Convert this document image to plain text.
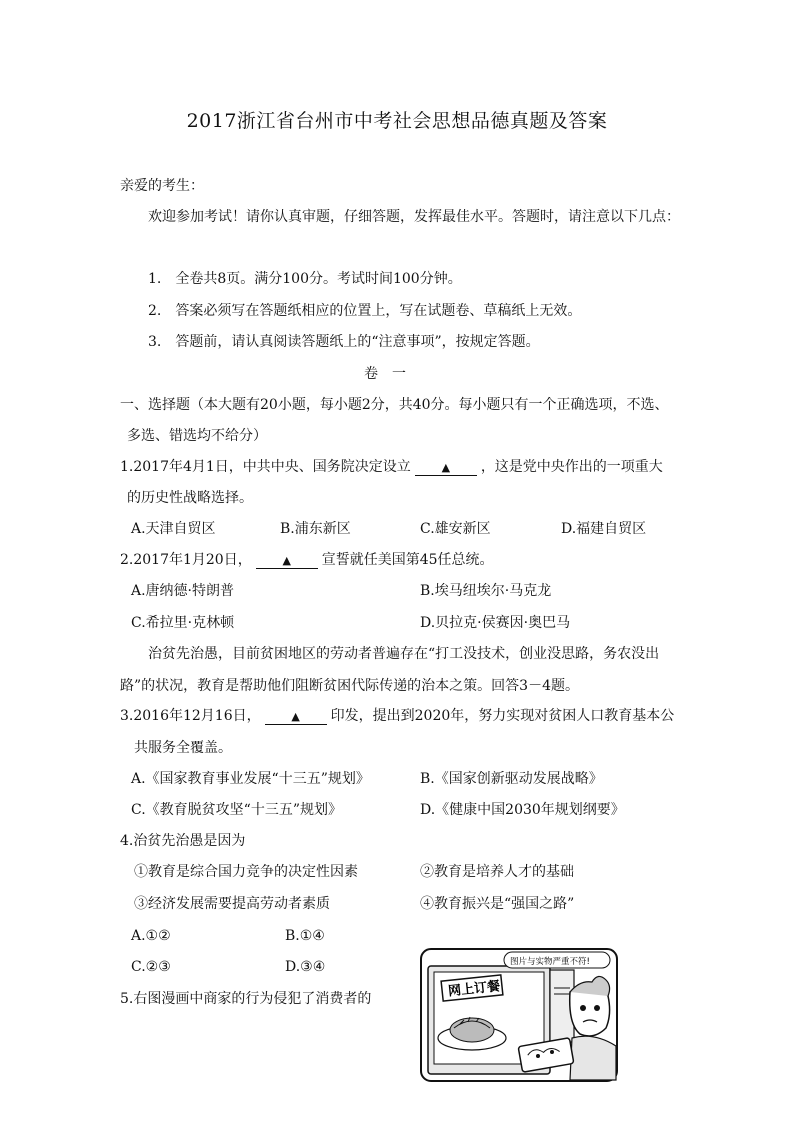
2017浙江省台州市中考社会思想品德真题及答案
亲爱的考生：
欢迎参加考试！请你认真审题，仔细答题，发挥最佳水平。答题时，请注意以下几点：
1.　全卷共8页。满分100分。考试时间100分钟。
2.　答案必须写在答题纸相应的位置上，写在试题卷、草稿纸上无效。
3.　答题前，请认真阅读答题纸上的“注意事项”，按规定答题。
卷　一
一、选择题（本大题有20小题，每小题2分，共40分。每小题只有一个正确选项，不选、
多选、错选均不给分）
1.2017年4月1日，中共中央、国务院决定设立	▲ ，这是党中央作出的一项重大
的历史性战略选择。
A.天津自贸区	B.浦东新区	C.雄安新区	D.福建自贸区
2.2017年1月20日，	▲ 宣誓就任美国第45任总统。
A.唐纳德·特朗普	B.埃马纽埃尔·马克龙
C.希拉里·克林顿	D.贝拉克·侯赛因·奥巴马
治贫先治愚，目前贫困地区的劳动者普遍存在“打工没技术，创业没思路，务农没出
路”的状况，教育是帮助他们阻断贫困代际传递的治本之策。回答3－4题。
3.2016年12月16日，	▲ 印发，提出到2020年，努力实现对贫困人口教育基本公
共服务全覆盖。
A.《国家教育事业发展“十三五”规划》	B.《国家创新驱动发展战略》
C.《教育脱贫攻坚“十三五”规划》	D.《健康中国2030年规划纲要》
4.治贫先治愚是因为
①教育是综合国力竞争的决定性因素	②教育是培养人才的基础
③经济发展需要提高劳动者素质	④教育振兴是“强国之路”
A.①②	B.①④
C.②③	D.③④
5.右图漫画中商家的行为侵犯了消费者的
网上订餐
图片与实物严重不符!
